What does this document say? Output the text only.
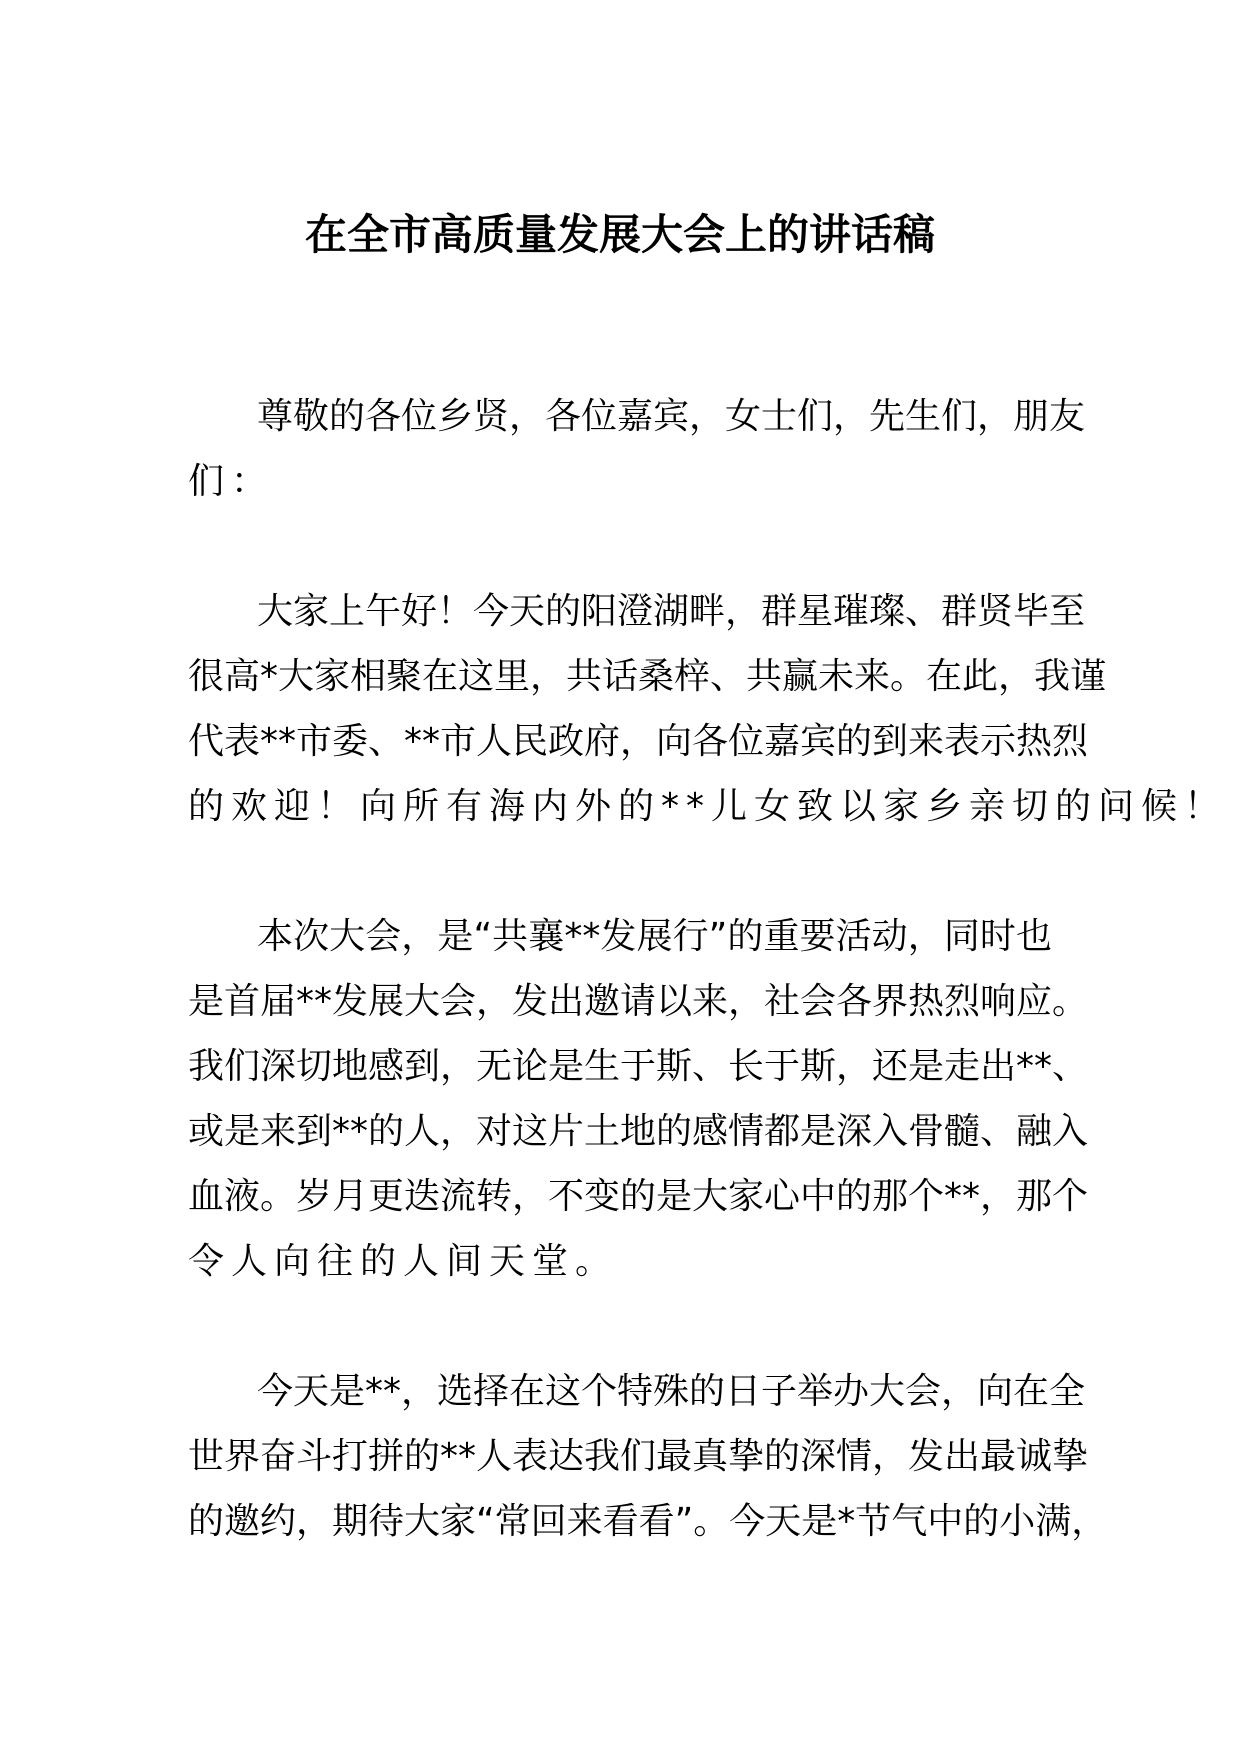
在全市高质量发展大会上的讲话稿
尊敬的各位乡贤，各位嘉宾，女士们，先生们，朋友
们：
大家上午好！今天的阳澄湖畔，群星璀璨、群贤毕至
很高*大家相聚在这里，共话桑梓、共赢未来。在此，我谨
代表**市委、**市人民政府，向各位嘉宾的到来表示热烈
的欢迎！向所有海内外的**儿女致以家乡亲切的问候！
本次大会，是“共襄**发展行”的重要活动，同时也
是首届**发展大会，发出邀请以来，社会各界热烈响应。
我们深切地感到，无论是生于斯、长于斯，还是走出**、
或是来到**的人，对这片土地的感情都是深入骨髓、融入
血液。岁月更迭流转，不变的是大家心中的那个**，那个
令人向往的人间天堂。
今天是**，选择在这个特殊的日子举办大会，向在全
世界奋斗打拼的**人表达我们最真挚的深情，发出最诚挚
的邀约，期待大家“常回来看看”。今天是*节气中的小满，
